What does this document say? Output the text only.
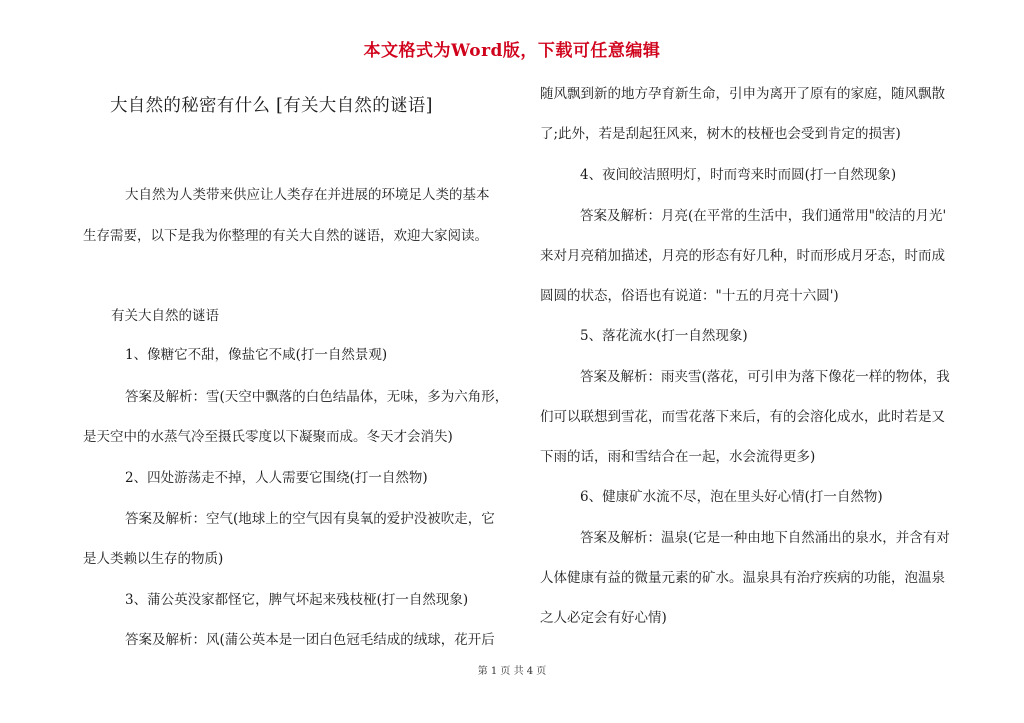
本文格式为Word版，下载可任意编辑
大自然的秘密有什么 [有关大自然的谜语]
大自然为人类带来供应让人类存在并进展的环境足人类的基本
生存需要，以下是我为你整理的有关大自然的谜语，欢迎大家阅读。
有关大自然的谜语
1、像糖它不甜，像盐它不咸(打一自然景观)
答案及解析：雪(天空中飘落的白色结晶体，无味，多为六角形，
是天空中的水蒸气冷至摄氏零度以下凝聚而成。冬天才会消失)
2、四处游荡走不掉，人人需要它围绕(打一自然物)
答案及解析：空气(地球上的空气因有臭氧的爱护没被吹走，它
是人类赖以生存的物质)
3、蒲公英没家都怪它，脾气坏起来残枝桠(打一自然现象)
答案及解析：风(蒲公英本是一团白色冠毛结成的绒球，花开后
随风飘到新的地方孕育新生命，引申为离开了原有的家庭，随风飘散
了;此外，若是刮起狂风来，树木的枝桠也会受到肯定的损害)
4、夜间皎洁照明灯，时而弯来时而圆(打一自然现象)
答案及解析：月亮(在平常的生活中，我们通常用"皎洁的月光'
来对月亮稍加描述，月亮的形态有好几种，时而形成月牙态，时而成
圆圆的状态，俗语也有说道："十五的月亮十六圆')
5、落花流水(打一自然现象)
答案及解析：雨夹雪(落花，可引申为落下像花一样的物体，我
们可以联想到雪花，而雪花落下来后，有的会溶化成水，此时若是又
下雨的话，雨和雪结合在一起，水会流得更多)
6、健康矿水流不尽，泡在里头好心情(打一自然物)
答案及解析：温泉(它是一种由地下自然涌出的泉水，并含有对
人体健康有益的微量元素的矿水。温泉具有治疗疾病的功能，泡温泉
之人必定会有好心情)
第 1 页 共 4 页
